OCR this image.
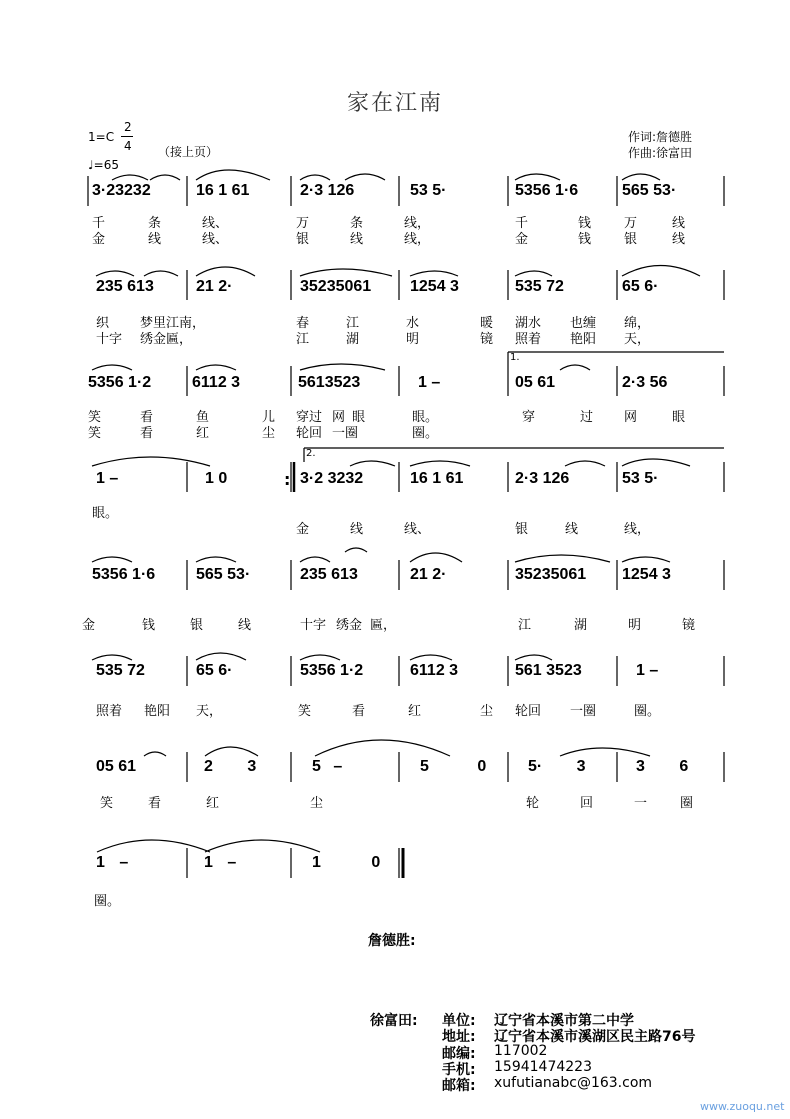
家在江南
1=C
2
4 （接上页）
♩=65
作词:詹德胜
作曲:徐富田
3·23232	16 1 61	2·3 126	53 5·	5356 1·6	565 53·
千	条	线、	万	条	线，	千	钱	万	线
金	线	线、	银	线	线，	金	钱	银	线
235 613	21 2·	35235061 1254 3	535 72	65 6·
织 梦里江南，	春	江	水	暖 湖水 也缠 绵，
十字 绣金匾，	江	湖	明	镜 照着 艳阳 天，
1.
5356 1·2	6112 3	5613523	1 –	05 61	2·3 56
笑	看	鱼	儿 穿过 网 眼	眼。	穿	过 网	眼
笑	看	红	尘 轮回 一圈	圈。
2.
1 –	1 0	: 3·2 3232	16 1 61	2·3 126	53 5·
眼。
金	线	线、	银	线	线，
5356 1·6	565 53·	235 613	21 2·	35235061 1254 3
金	钱	银	线	十字 绣金 匾，	江	湖	明	镜
535 72	65 6·	5356 1·2	6112 3	561 3523	1 –
照着 艳阳 天，	笑	看	红	尘 轮回 一圈	圈。
05 61	2 3	5 –	5 0	5· 3	3 6
笑	看	红	尘	轮	回	一	圈
1 –	1 –	1 0
圈。
詹德胜:
徐富田: 单位: 辽宁省本溪市第二中学
地址: 辽宁省本溪市溪湖区民主路76号
邮编: 117002
手机: 15941474223
邮箱: xufutianabc@163.com
www.zuoqu.net
